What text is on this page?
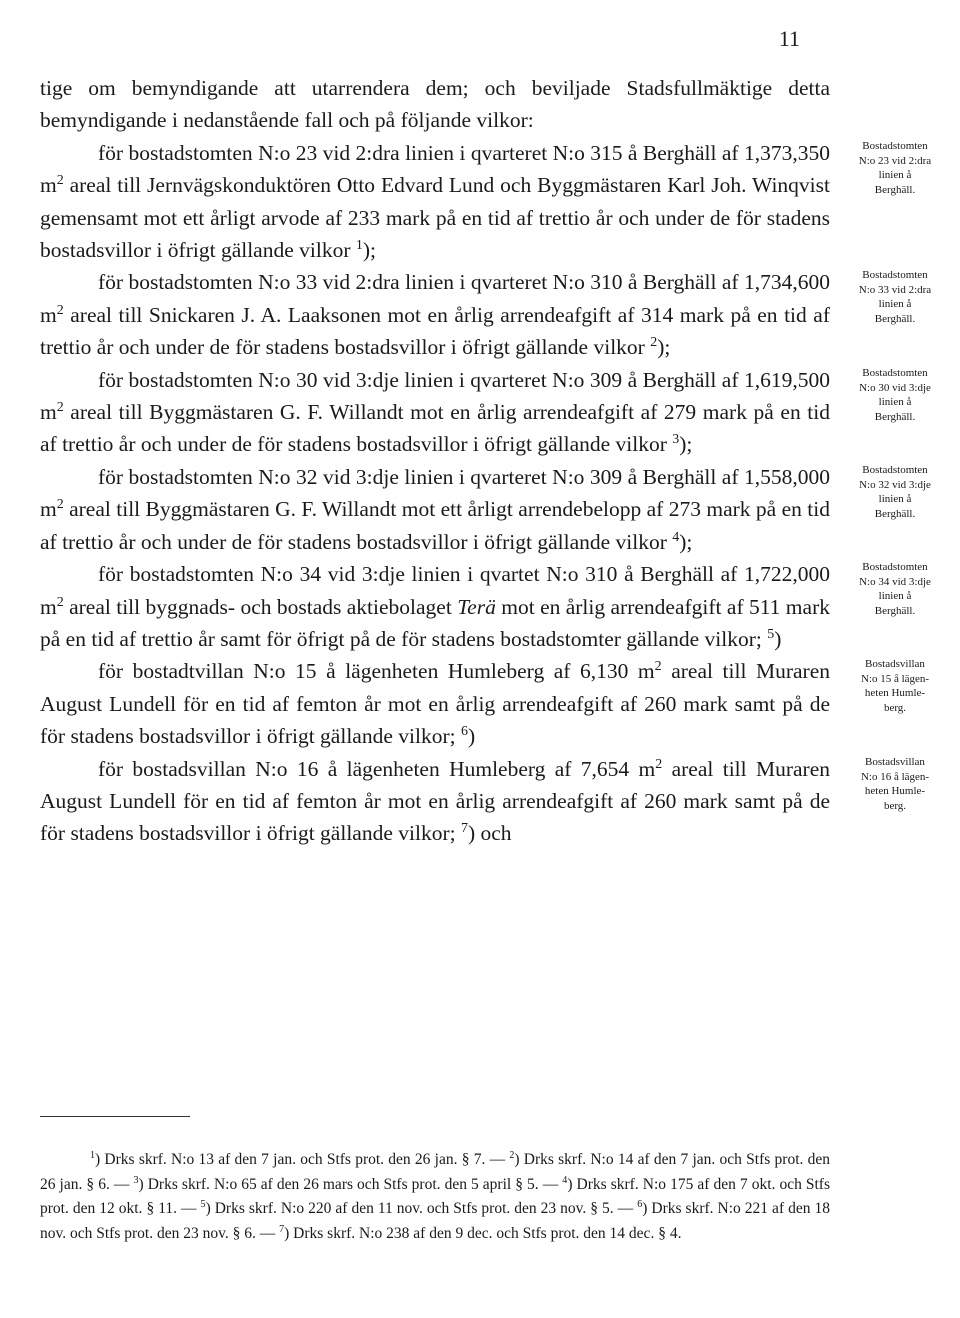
11

tige om bemyndigande att utarrendera dem; och beviljade Stadsfullmäktige detta bemyndigande i nedanstående fall och på följande vilkor:

för bostadstomten N:o 23 vid 2:dra linien i qvarteret N:o 315 å Berghäll af 1,373,350 $m^2$ areal till Jernvägskonduktören Otto Edvard Lund och Byggmästaren Karl Joh. Winqvist gemensamt mot ett årligt arvode af 233 mark på en tid af trettio år och under de för stadens bostadsvillor i öfrigt gällande vilkor $^1$);

för bostadstomten N:o 33 vid 2:dra linien i qvarteret N:o 310 å Berghäll af 1,734,600 $m^2$ areal till Snickaren J. A. Laaksonen mot en årlig arrendeafgift af 314 mark på en tid af trettio år och under de för stadens bostadsvillor i öfrigt gällande vilkor $^2$);

för bostadstomten N:o 30 vid 3:dje linien i qvarteret N:o 309 å Berghäll af 1,619,500 $m^2$ areal till Byggmästaren G. F. Willandt mot en årlig arrendeafgift af 279 mark på en tid af trettio år och under de för stadens bostadsvillor i öfrigt gällande vilkor $^3$);

för bostadstomten N:o 32 vid 3:dje linien i qvarteret N:o 309 å Berghäll af 1,558,000 $m^2$ areal till Byggmästaren G. F. Willandt mot ett årligt arrendebelopp af 273 mark på en tid af trettio år och under de för stadens bostadsvillor i öfrigt gällande vilkor $^4$);

för bostadstomten N:o 34 vid 3:dje linien i qvartet N:o 310 å Berghäll af 1,722,000 $m^2$ areal till byggnads- och bostads aktiebolaget Terä mot en årlig arrendeafgift af 511 mark på en tid af trettio år samt för öfrigt på de för stadens bostadstomter gällande vilkor; $^5$)

för bostadtvillan N:o 15 å lägenheten Humleberg af 6,130 $m^2$ areal till Muraren August Lundell för en tid af femton år mot en årlig arrendeafgift af 260 mark samt på de för stadens bostadsvillor i öfrigt gällande vilkor; $^6$)

för bostadsvillan N:o 16 å lägenheten Humleberg af 7,654 $m^2$ areal till Muraren August Lundell för en tid af femton år mot en årlig arrendeafgift af 260 mark samt på de för stadens bostadsvillor i öfrigt gällande vilkor; $^7$) och

Bostadstomten
N:o 23 vid 2:dra
linien å
Berghäll.
Bostadstomten
N:o 33 vid 2:dra
linien å
Berghäll.
Bostadstomten
N:o 30 vid 3:dje
linien å
Berghäll.
Bostadstomten
N:o 32 vid 3:dje
linien å
Berghäll.
Bostadstomten
N:o 34 vid 3:dje
linien å
Berghäll.
Bostadsvillan
N:o 15 å lägen-
heten Humle-
berg.
Bostadsvillan
N:o 16 å lägen-
heten Humle-
berg.

$^1$) Drks skrf. N:o 13 af den 7 jan. och Stfs prot. den 26 jan. § 7. — $^2$) Drks skrf. N:o 14 af den 7 jan. och Stfs prot. den 26 jan. § 6. — $^3$) Drks skrf. N:o 65 af den 26 mars och Stfs prot. den 5 april § 5. — $^4$) Drks skrf. N:o 175 af den 7 okt. och Stfs prot. den 12 okt. § 11. — $^5$) Drks skrf. N:o 220 af den 11 nov. och Stfs prot. den 23 nov. § 5. — $^6$) Drks skrf. N:o 221 af den 18 nov. och Stfs prot. den 23 nov. § 6. — $^7$) Drks skrf. N:o 238 af den 9 dec. och Stfs prot. den 14 dec. § 4.
